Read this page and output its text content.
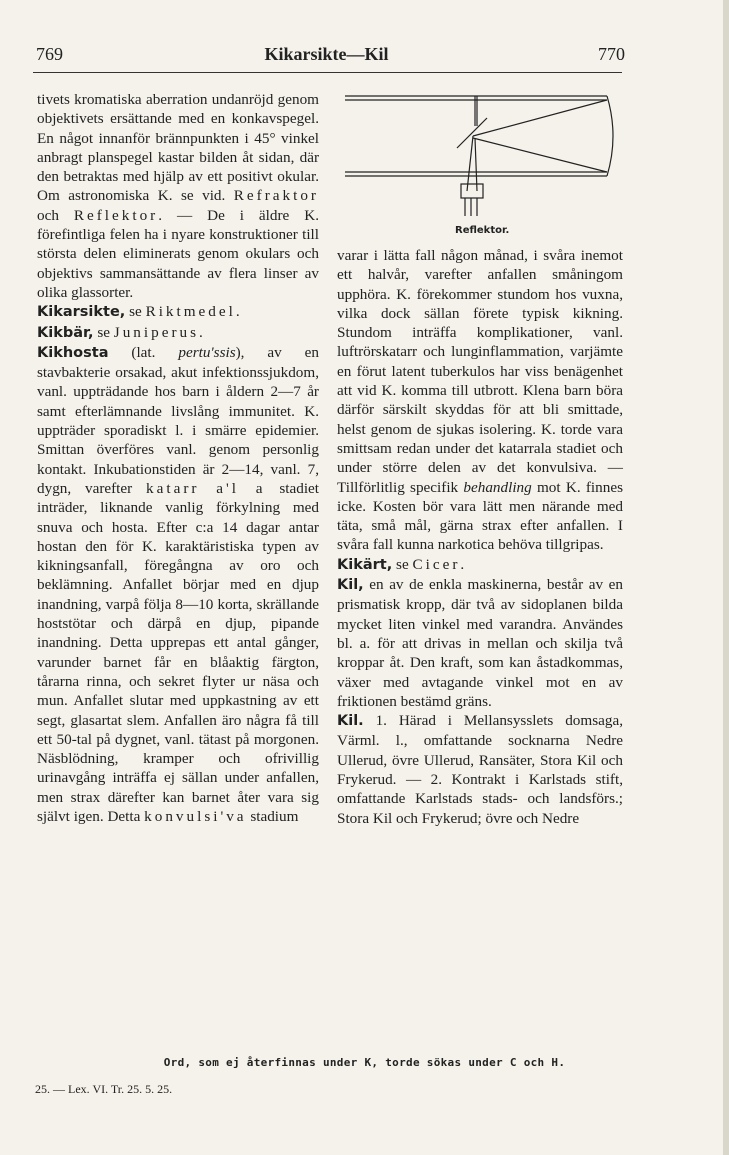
769	Kikarsikte—Kil	770

tivets kromatiska aberration undanröjd genom objektivets ersättande med en konkavspegel. En något innanför brännpunkten i 45° vinkel anbragt planspegel kastar bilden åt sidan, där den betraktas med hjälp av ett positivt okular. Om astronomiska K. se vid. Refraktor och Reflektor. — De i äldre K. förefintliga felen ha i nyare konstruktioner till största delen eliminerats genom okulars och objektivs sammansättande av flera linser av olika glassorter.

Kikarsikte, se Riktmedel.

Kikbär, se Juniperus.

Kikhosta (lat. pertu'ssis), av en stavbakterie orsakad, akut infektionssjukdom, vanl. uppträdande hos barn i åldern 2—7 år samt efterlämnande livslång immunitet. K. uppträder sporadiskt l. i smärre epidemier. Smittan överföres vanl. genom personlig kontakt. Inkubationstiden är 2—14, vanl. 7, dygn, varefter katarr a'l a stadiet inträder, liknande vanlig förkylning med snuva och hosta. Efter c:a 14 dagar antar hostan den för K. karaktäristiska typen av kikningsanfall, föregångna av oro och beklämning. Anfallet börjar med en djup inandning, varpå följa 8—10 korta, skrällande hoststötar och därpå en djup, pipande inandning. Detta upprepas ett antal gånger, varunder barnet får en blåaktig färgton, tårarna rinna, och sekret flyter ur näsa och mun. Anfallet slutar med uppkastning av ett segt, glasartat slem. Anfallen äro några få till ett 50-tal på dygnet, vanl. tätast på morgonen. Näsblödning, kramper och ofrivillig urinavgång inträffa ej sällan under anfallen, men strax därefter kan barnet åter vara sig självt igen. Detta konvulsi'va stadium

Reflektor.

varar i lätta fall någon månad, i svåra inemot ett halvår, varefter anfallen småningom upphöra. K. förekommer stundom hos vuxna, vilka dock sällan förete typisk kikning. Stundom inträffa komplikationer, vanl. luftrörskatarr och lunginflammation, varjämte en förut latent tuberkulos har viss benägenhet att vid K. komma till utbrott. Klena barn böra därför särskilt skyddas för att bli smittade, helst genom de sjukas isolering. K. torde vara smittsam redan under det katarrala stadiet och under större delen av det konvulsiva. — Tillförlitlig specifik behandling mot K. finnes icke. Kosten bör vara lätt men närande med täta, små mål, gärna strax efter anfallen. I svåra fall kunna narkotica behöva tillgripas.

Kikärt, se Cicer.

Kil, en av de enkla maskinerna, består av en prismatisk kropp, där två av sidoplanen bilda mycket liten vinkel med varandra. Användes bl. a. för att drivas in mellan och skilja två kroppar åt. Den kraft, som kan åstadkommas, växer med avtagande vinkel mot en av friktionen bestämd gräns.

Kil. 1. Härad i Mellansysslets domsaga, Värml. l., omfattande socknarna Nedre Ullerud, övre Ullerud, Ransäter, Stora Kil och Frykerud. — 2. Kontrakt i Karlstads stift, omfattande Karlstads stads- och landsförs.; Stora Kil och Frykerud; övre och Nedre

Ord, som ej återfinnas under K, torde sökas under C och H.
25. — Lex. VI. Tr. 25. 5. 25.
